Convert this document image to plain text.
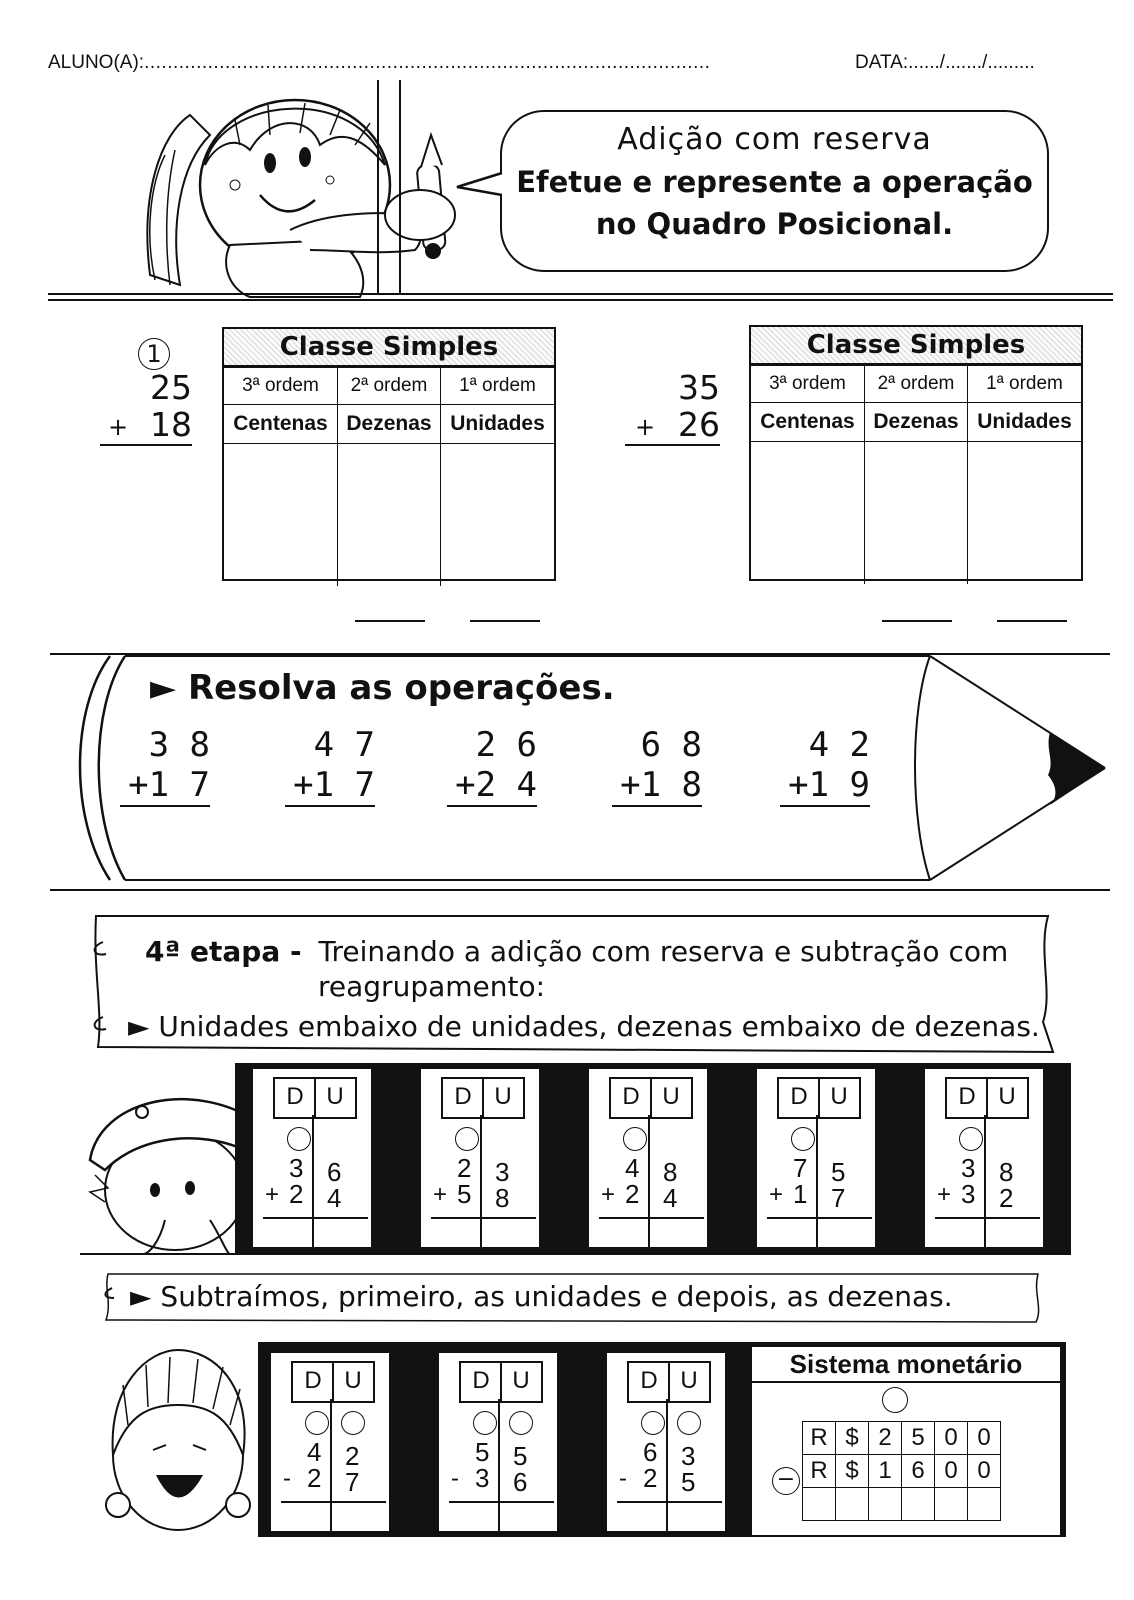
ALUNO(A):..................................................................................................	DATA:....../......./.........
Adição com reserva
Efetue e represente a operação
no Quadro Posicional.
1
25
+ 18
Classe Simples
3ª ordem	2ª ordem	1ª ordem
Centenas	Dezenas	Unidades

35
+ 26
Classe Simples
3ª ordem	2ª ordem	1ª ordem
Centenas	Dezenas	Unidades

► Resolva as operações.
3 8
+1 7
4 7
+1 7
2 6
+2 4
6 8
+1 8
4 2
+1 9
4ª etapa - Treinando a adição com reserva e subtração com
reagrupamento:
► Unidades embaixo de unidades, dezenas embaixo de dezenas.
D U
3 6
+ 2 4
D U
2 3
+ 5 8
D U
4 8
+ 2 4
D U
7 5
+ 1 7
D U
3 8
+ 3 2
► Subtraímos, primeiro, as unidades e depois, as dezenas.
D U
4 2
- 2 7
D U
5 5
- 3 6
D U
6 3
- 2 5
Sistema monetário
−
R	$	2	5	0	0
R	$	1	6	0	0
